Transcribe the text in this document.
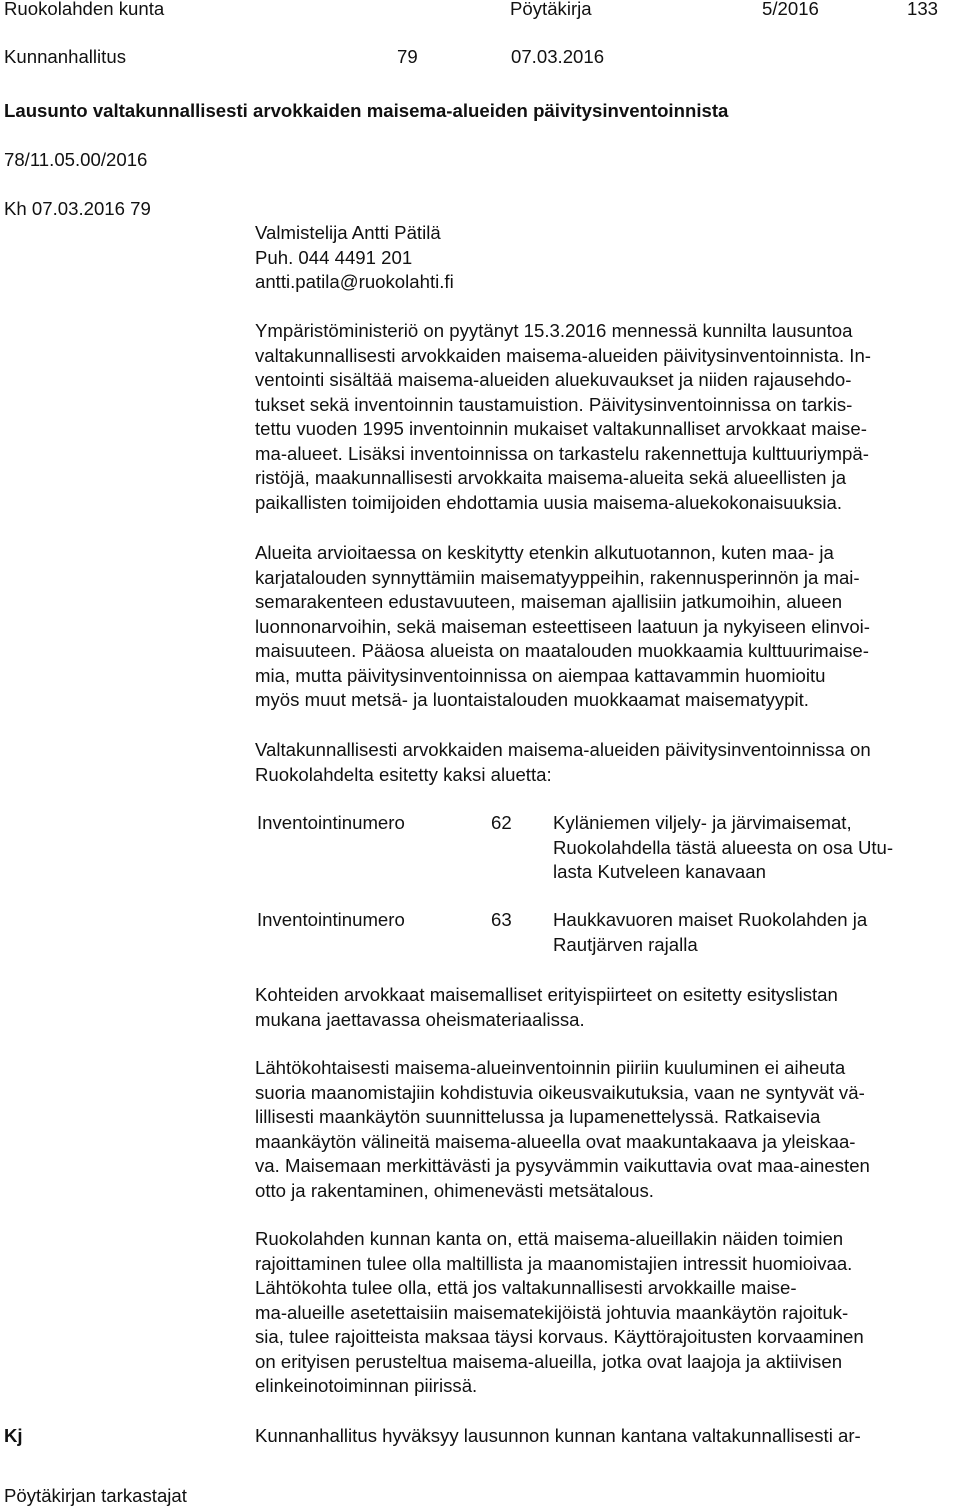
Ruokolahden kunta	Pöytäkirja	5/2016	133
Kunnanhallitus	79	07.03.2016
Lausunto valtakunnallisesti arvokkaiden maisema-alueiden päivitysinventoinnista
78/11.05.00/2016
Kh 07.03.2016 79
Valmistelija Antti Pätilä
Puh. 044 4491 201
antti.patila@ruokolahti.fi
Ympäristöministeriö on pyytänyt 15.3.2016 mennessä kunnilta lausuntoa
valtakunnallisesti arvokkaiden maisema-alueiden päivitysinventoinnista. In-
ventointi sisältää maisema-alueiden aluekuvaukset ja niiden rajausehdo-
tukset sekä inventoinnin taustamuistion. Päivitysinventoinnissa on tarkis-
tettu vuoden 1995 inventoinnin mukaiset valtakunnalliset arvokkaat maise-
ma-alueet. Lisäksi inventoinnissa on tarkastelu rakennettuja kulttuuriympä-
ristöjä, maakunnallisesti arvokkaita maisema-alueita sekä alueellisten ja
paikallisten toimijoiden ehdottamia uusia maisema-aluekokonaisuuksia.
Alueita arvioitaessa on keskitytty etenkin alkutuotannon, kuten maa- ja
karjatalouden synnyttämiin maisematyyppeihin, rakennusperinnön ja mai-
semarakenteen edustavuuteen, maiseman ajallisiin jatkumoihin, alueen
luonnonarvoihin, sekä maiseman esteettiseen laatuun ja nykyiseen elinvoi-
maisuuteen. Pääosa alueista on maatalouden muokkaamia kulttuurimaise-
mia, mutta päivitysinventoinnissa on aiempaa kattavammin huomioitu
myös muut metsä- ja luontaistalouden muokkaamat maisematyypit.
Valtakunnallisesti arvokkaiden maisema-alueiden päivitysinventoinnissa on
Ruokolahdelta esitetty kaksi aluetta:
Inventointinumero	62 Kyläniemen viljely- ja järvimaisemat,
Ruokolahdella tästä alueesta on osa Utu-
lasta Kutveleen kanavaan
Inventointinumero	63 Haukkavuoren maiset Ruokolahden ja
Rautjärven rajalla
Kohteiden arvokkaat maisemalliset erityispiirteet on esitetty esityslistan
mukana jaettavassa oheismateriaalissa.
Lähtökohtaisesti maisema-alueinventoinnin piiriin kuuluminen ei aiheuta
suoria maanomistajiin kohdistuvia oikeusvaikutuksia, vaan ne syntyvät vä-
lillisesti maankäytön suunnittelussa ja lupamenettelyssä. Ratkaisevia
maankäytön välineitä maisema-alueella ovat maakuntakaava ja yleiskaa-
va. Maisemaan merkittävästi ja pysyvämmin vaikuttavia ovat maa-ainesten
otto ja rakentaminen, ohimenevästi metsätalous.
Ruokolahden kunnan kanta on, että maisema-alueillakin näiden toimien
rajoittaminen tulee olla maltillista ja maanomistajien intressit huomioivaa.
Lähtökohta tulee olla, että jos valtakunnallisesti arvokkaille maise-
ma-alueille asetettaisiin maisematekijöistä johtuvia maankäytön rajoituk-
sia, tulee rajoitteista maksaa täysi korvaus. Käyttörajoitusten korvaaminen
on erityisen perusteltua maisema-alueilla, jotka ovat laajoja ja aktiivisen
elinkeinotoiminnan piirissä.
Kj	Kunnanhallitus hyväksyy lausunnon kunnan kantana valtakunnallisesti ar-
Pöytäkirjan tarkastajat
